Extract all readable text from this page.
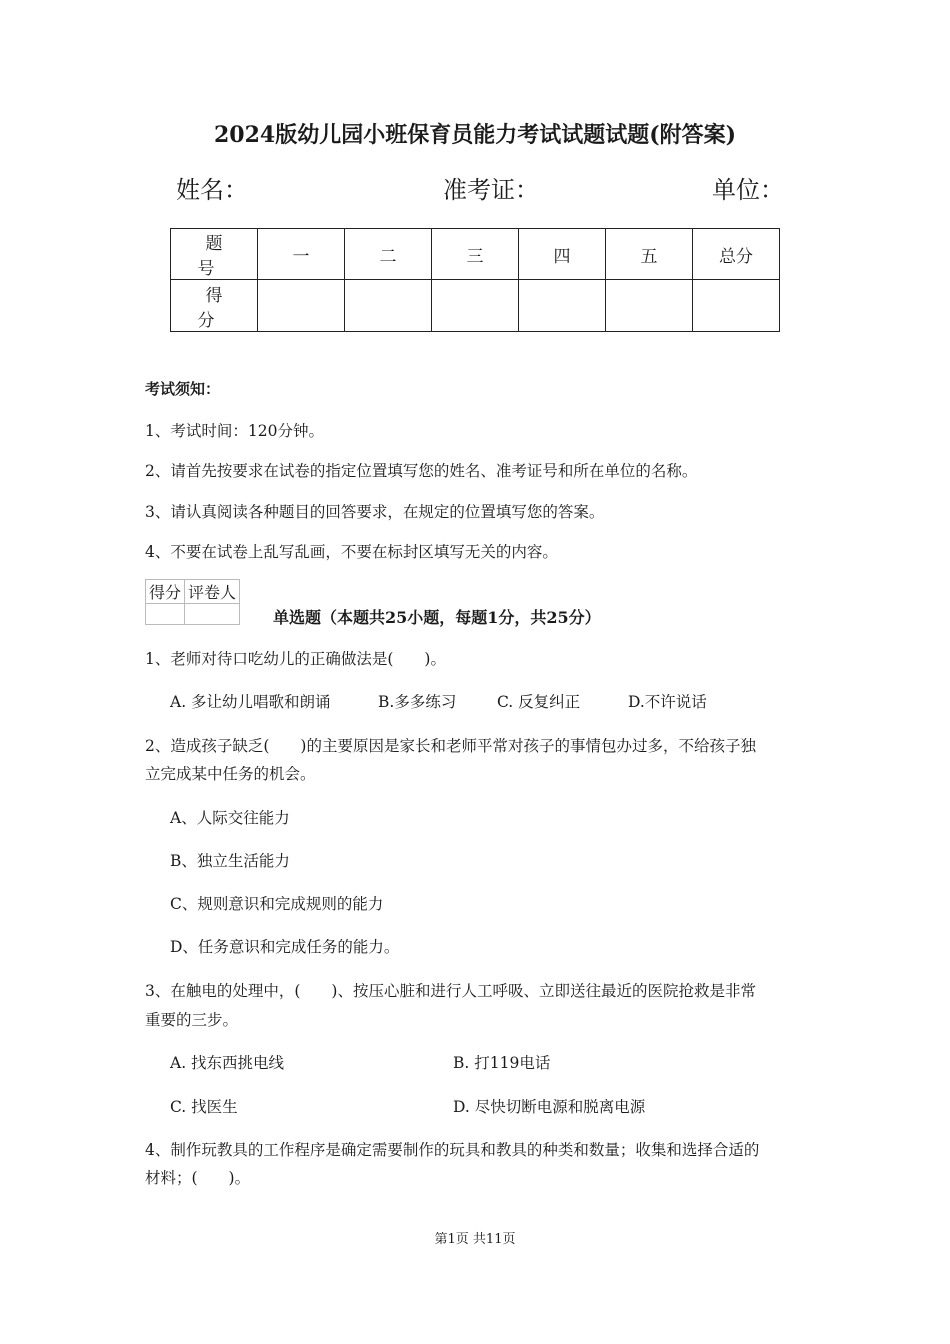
2024版幼儿园小班保育员能力考试试题试题(附答案)
姓名：	准考证：	单位：
题　号	一	二	三	四	五	总分
得　分						
考试须知：
1、考试时间：120分钟。
2、请首先按要求在试卷的指定位置填写您的姓名、准考证号和所在单位的名称。
3、请认真阅读各种题目的回答要求，在规定的位置填写您的答案。
4、不要在试卷上乱写乱画，不要在标封区填写无关的内容。
得分	评卷人

单选题（本题共25小题，每题1分，共25分）
1、老师对待口吃幼儿的正确做法是(　　)。
A. 多让幼儿唱歌和朗诵	B.多多练习	C. 反复纠正	D.不许说话
2、造成孩子缺乏(　　)的主要原因是家长和老师平常对孩子的事情包办过多，不给孩子独
立完成某中任务的机会。
A、人际交往能力
B、独立生活能力
C、规则意识和完成规则的能力
D、任务意识和完成任务的能力。
3、在触电的处理中，(　　)、按压心脏和进行人工呼吸、立即送往最近的医院抢救是非常
重要的三步。
A. 找东西挑电线	B. 打119电话
C. 找医生	D. 尽快切断电源和脱离电源
4、制作玩教具的工作程序是确定需要制作的玩具和教具的种类和数量；收集和选择合适的
材料；(　　)。
第1页 共11页
